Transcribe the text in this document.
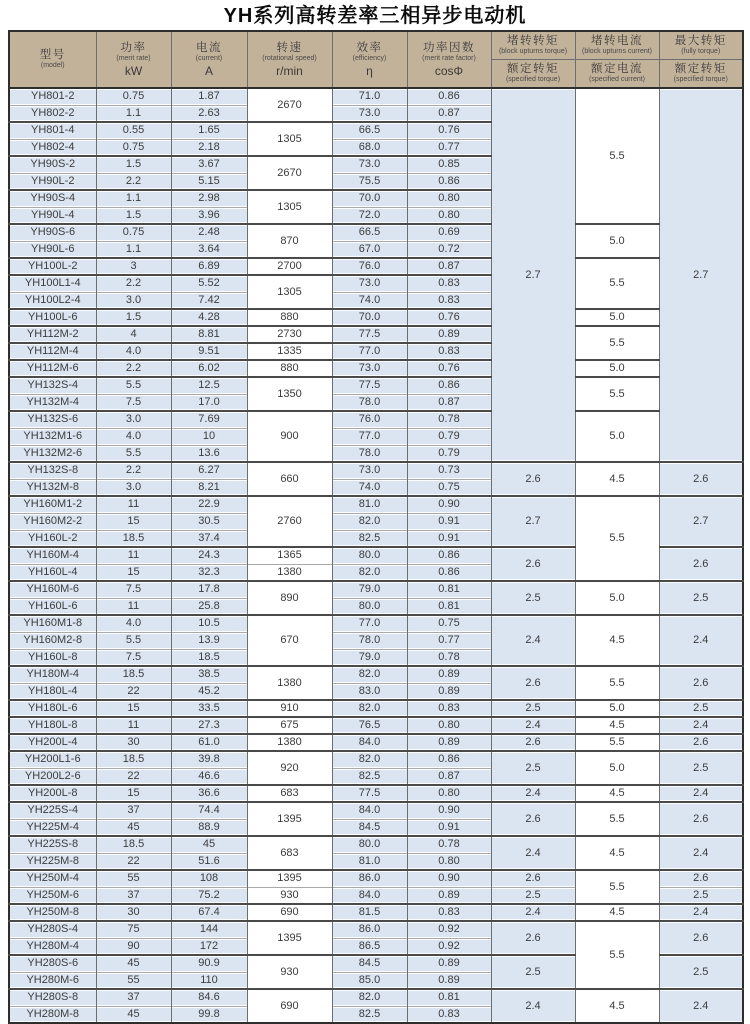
YH系列高转差率三相异步电动机
型号
(model)

功率
(merit rate)
kW

电流
(current)
A

转速
(rotational speed)
r/min

效率
(efficiency)
η

功率因数
(merit rate factor)
cosΦ

堵转转矩
(block upturns torque)
额定转矩
(specified torque)

堵转电流
(block upturns current)
额定电流
(specified current)

最大转矩
(fully torque)
额定转矩
(specified torque)

YH801-2	0.75	1.87	2670	71.0	0.86	2.7	5.5	2.7
YH802-2	1.1	2.63		73.0	0.87			
YH801-4	0.55	1.65	1305	66.5	0.76			
YH802-4	0.75	2.18		68.0	0.77			
YH90S-2	1.5	3.67	2670	73.0	0.85			
YH90L-2	2.2	5.15		75.5	0.86			
YH90S-4	1.1	2.98	1305	70.0	0.80			
YH90L-4	1.5	3.96		72.0	0.80			
YH90S-6	0.75	2.48	870	66.5	0.69		5.0	
YH90L-6	1.1	3.64		67.0	0.72			
YH100L-2	3	6.89	2700	76.0	0.87		5.5	
YH100L1-4	2.2	5.52	1305	73.0	0.83			
YH100L2-4	3.0	7.42		74.0	0.83			
YH100L-6	1.5	4.28	880	70.0	0.76		5.0	
YH112M-2	4	8.81	2730	77.5	0.89		5.5	
YH112M-4	4.0	9.51	1335	77.0	0.83			
YH112M-6	2.2	6.02	880	73.0	0.76		5.0	
YH132S-4	5.5	12.5	1350	77.5	0.86		5.5	
YH132M-4	7.5	17.0		78.0	0.87			
YH132S-6	3.0	7.69	900	76.0	0.78		5.0	
YH132M1-6	4.0	10		77.0	0.79			
YH132M2-6	5.5	13.6		78.0	0.79			
YH132S-8	2.2	6.27	660	73.0	0.73	2.6	4.5	2.6
YH132M-8	3.0	8.21		74.0	0.75			
YH160M1-2	11	22.9	2760	81.0	0.90	2.7	5.5	2.7
YH160M2-2	15	30.5		82.0	0.91			
YH160L-2	18.5	37.4		82.5	0.91			
YH160M-4	11	24.3	1365	80.0	0.86	2.6		2.6
YH160L-4	15	32.3	1380	82.0	0.86			
YH160M-6	7.5	17.8	890	79.0	0.81	2.5	5.0	2.5
YH160L-6	11	25.8		80.0	0.81			
YH160M1-8	4.0	10.5	670	77.0	0.75	2.4	4.5	2.4
YH160M2-8	5.5	13.9		78.0	0.77			
YH160L-8	7.5	18.5		79.0	0.78			
YH180M-4	18.5	38.5	1380	82.0	0.89	2.6	5.5	2.6
YH180L-4	22	45.2		83.0	0.89			
YH180L-6	15	33.5	910	82.0	0.83	2.5	5.0	2.5
YH180L-8	11	27.3	675	76.5	0.80	2.4	4.5	2.4
YH200L-4	30	61.0	1380	84.0	0.89	2.6	5.5	2.6
YH200L1-6	18.5	39.8	920	82.0	0.86	2.5	5.0	2.5
YH200L2-6	22	46.6		82.5	0.87			
YH200L-8	15	36.6	683	77.5	0.80	2.4	4.5	2.4
YH225S-4	37	74.4	1395	84.0	0.90	2.6	5.5	2.6
YH225M-4	45	88.9		84.5	0.91			
YH225S-8	18.5	45	683	80.0	0.78	2.4	4.5	2.4
YH225M-8	22	51.6		81.0	0.80			
YH250M-4	55	108	1395	86.0	0.90	2.6	5.5	2.6
YH250M-6	37	75.2	930	84.0	0.89	2.5		2.5
YH250M-8	30	67.4	690	81.5	0.83	2.4	4.5	2.4
YH280S-4	75	144	1395	86.0	0.92	2.6	5.5	2.6
YH280M-4	90	172		86.5	0.92			
YH280S-6	45	90.9	930	84.5	0.89	2.5		2.5
YH280M-6	55	110		85.0	0.89			
YH280S-8	37	84.6	690	82.0	0.81	2.4	4.5	2.4
YH280M-8	45	99.8		82.5	0.83			
